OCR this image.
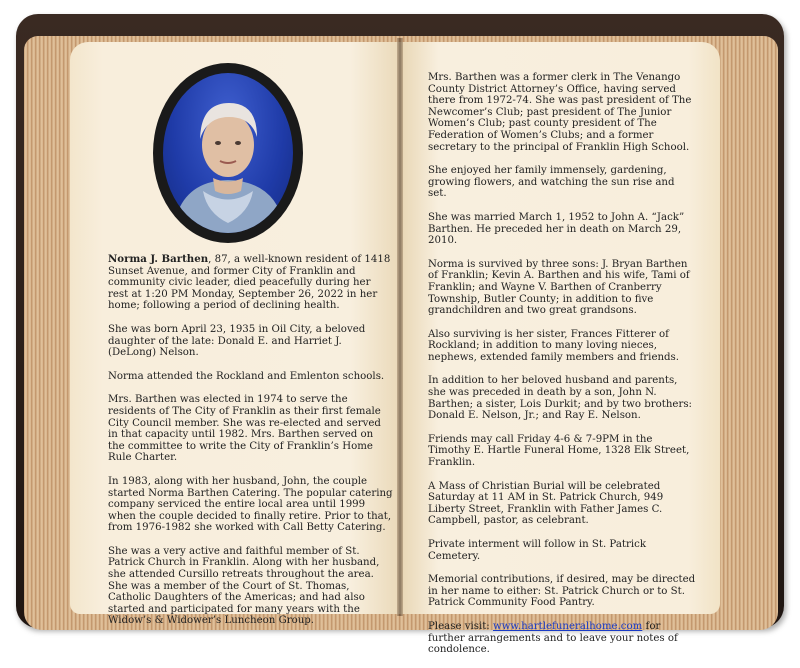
Norma J. Barthen, 87, a well-known resident of 1418 Sunset Avenue, and former City of Franklin and community civic leader, died peacefully during her rest at 1:20 PM Monday, September 26, 2022 in her home; following a period of declining health.

She was born April 23, 1935 in Oil City, a beloved daughter of the late: Donald E. and Harriet J. (DeLong) Nelson.

Norma attended the Rockland and Emlenton schools.

Mrs. Barthen was elected in 1974 to serve the residents of The City of Franklin as their first female City Council member. She was re-elected and served in that capacity until 1982. Mrs. Barthen served on the committee to write the City of Franklin’s Home Rule Charter.

In 1983, along with her husband, John, the couple started Norma Barthen Catering. The popular catering company serviced the entire local area until 1999 when the couple decided to finally retire. Prior to that, from 1976-1982 she worked with Call Betty Catering.

She was a very active and faithful member of St. Patrick Church in Franklin. Along with her husband, she attended Cursillo retreats throughout the area. She was a member of the Court of St. Thomas, Catholic Daughters of the Americas; and had also started and participated for many years with the Widow’s & Widower’s Luncheon Group.

Mrs. Barthen was a former clerk in The Venango County District Attorney’s Office, having served there from 1972-74. She was past president of The Newcomer’s Club; past president of The Junior Women’s Club; past county president of The Federation of Women’s Clubs; and a former secretary to the principal of Franklin High School.

She enjoyed her family immensely, gardening, growing flowers, and watching the sun rise and set.

She was married March 1, 1952 to John A. “Jack” Barthen. He preceded her in death on March 29, 2010.

Norma is survived by three sons: J. Bryan Barthen of Franklin; Kevin A. Barthen and his wife, Tami of Franklin; and Wayne V. Barthen of Cranberry Township, Butler County; in addition to five grandchildren and two great grandsons.

Also surviving is her sister, Frances Fitterer of Rockland; in addition to many loving nieces, nephews, extended family members and friends.

In addition to her beloved husband and parents, she was preceded in death by a son, John N. Barthen; a sister, Lois Durkit; and by two brothers: Donald E. Nelson, Jr.; and Ray E. Nelson.

Friends may call Friday 4-6 & 7-9PM in the Timothy E. Hartle Funeral Home, 1328 Elk Street, Franklin.

A Mass of Christian Burial will be celebrated Saturday at 11 AM in St. Patrick Church, 949 Liberty Street, Franklin with Father James C. Campbell, pastor, as celebrant.

Private interment will follow in St. Patrick Cemetery.

Memorial contributions, if desired, may be directed in her name to either: St. Patrick Church or to St. Patrick Community Food Pantry.

Please visit: www.hartlefuneralhome.com for further arrangements and to leave your notes of condolence.
